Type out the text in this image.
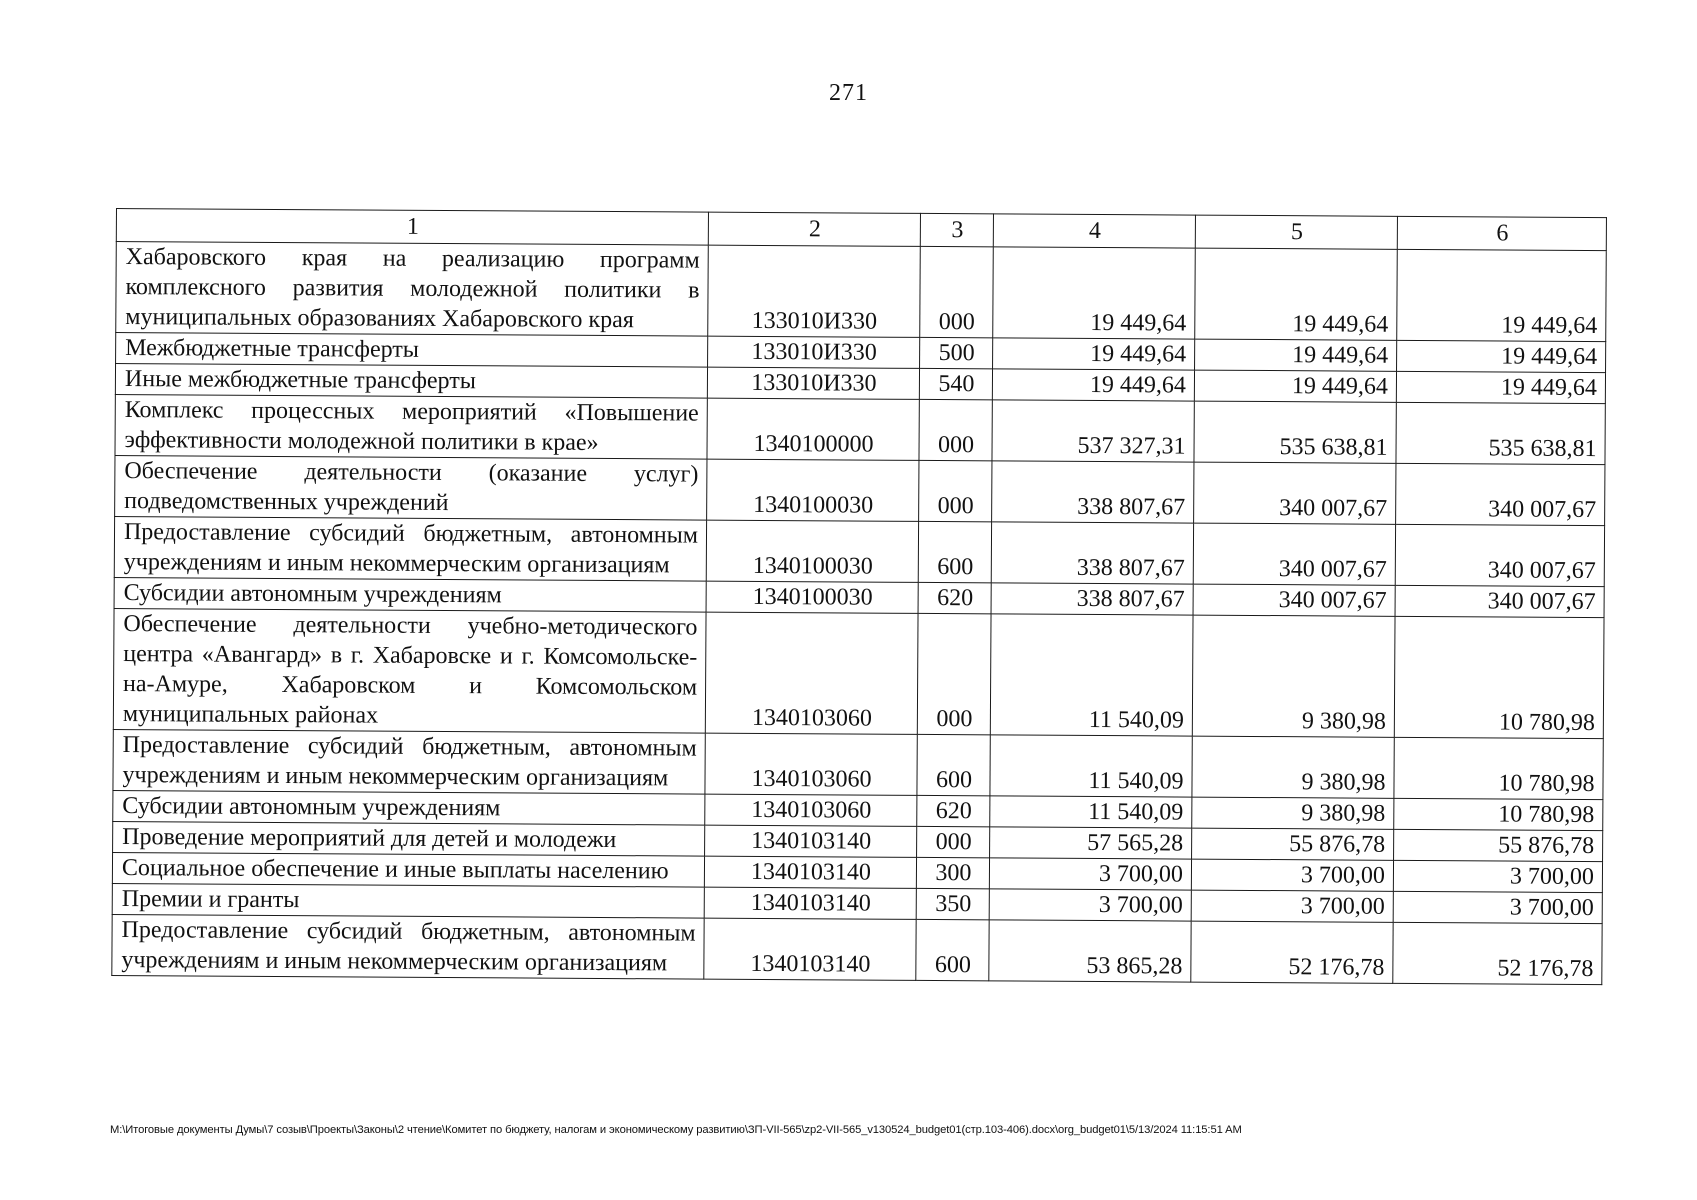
271
1	2	3	4	5	6
Хабаровского края на реализацию программ комплексного развития молодежной политики в муниципальных образованиях Хабаровского края	133010И330	000	19 449,64	19 449,64	19 449,64
Межбюджетные трансферты	133010И330	500	19 449,64	19 449,64	19 449,64
Иные межбюджетные трансферты	133010И330	540	19 449,64	19 449,64	19 449,64
Комплекс процессных мероприятий «Повышение эффективности молодежной политики в крае»	1340100000	000	537 327,31	535 638,81	535 638,81
Обеспечение деятельности (оказание услуг) подведомственных учреждений	1340100030	000	338 807,67	340 007,67	340 007,67
Предоставление субсидий бюджетным, автономным учреждениям и иным некоммерческим организациям	1340100030	600	338 807,67	340 007,67	340 007,67
Субсидии автономным учреждениям	1340100030	620	338 807,67	340 007,67	340 007,67
Обеспечение деятельности учебно-методического центра «Авангард» в г. Хабаровске и г. Комсомольске-на-Амуре, Хабаровском и Комсомольском муниципальных районах	1340103060	000	11 540,09	9 380,98	10 780,98
Предоставление субсидий бюджетным, автономным учреждениям и иным некоммерческим организациям	1340103060	600	11 540,09	9 380,98	10 780,98
Субсидии автономным учреждениям	1340103060	620	11 540,09	9 380,98	10 780,98
Проведение мероприятий для детей и молодежи	1340103140	000	57 565,28	55 876,78	55 876,78
Социальное обеспечение и иные выплаты населению	1340103140	300	3 700,00	3 700,00	3 700,00
Премии и гранты	1340103140	350	3 700,00	3 700,00	3 700,00
Предоставление субсидий бюджетным, автономным учреждениям и иным некоммерческим организациям	1340103140	600	53 865,28	52 176,78	52 176,78
M:\Итоговые документы Думы\7 созыв\Проекты\Законы\2 чтение\Комитет по бюджету, налогам и экономическому развитию\ЗП-VII-565\zp2-VII-565_v130524_budget01(стр.103-406).docx\org_budget01\5/13/2024 11:15:51 AM
